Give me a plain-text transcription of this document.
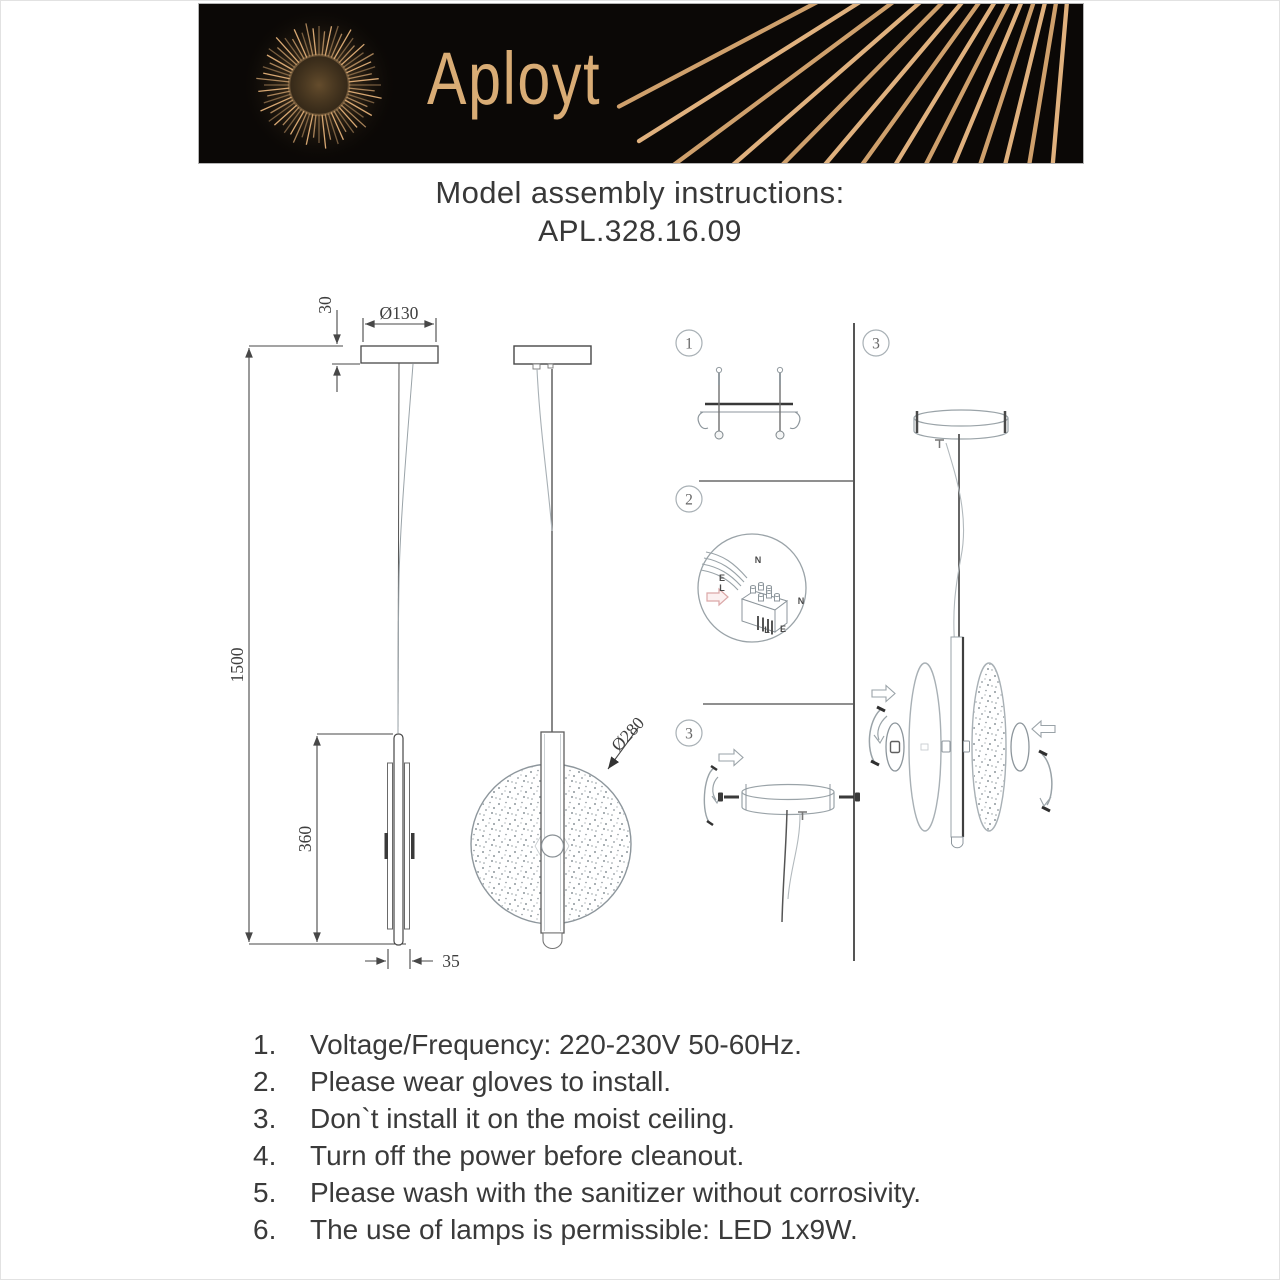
Aployt
Model assembly instructions:
APL.328.16.09
1500
360
30	Ø130
35
Ø280
1
2
3
3
N
E
L
N
L E
1.	Voltage/Frequency: 220-230V 50-60Hz.
2.	Please wear gloves to install.
3.	Don`t install it on the moist ceiling.
4.	Turn off the power before cleanout.
5.	Please wash with the sanitizer without corrosivity.
6.	The use of lamps is permissible: LED 1x9W.
